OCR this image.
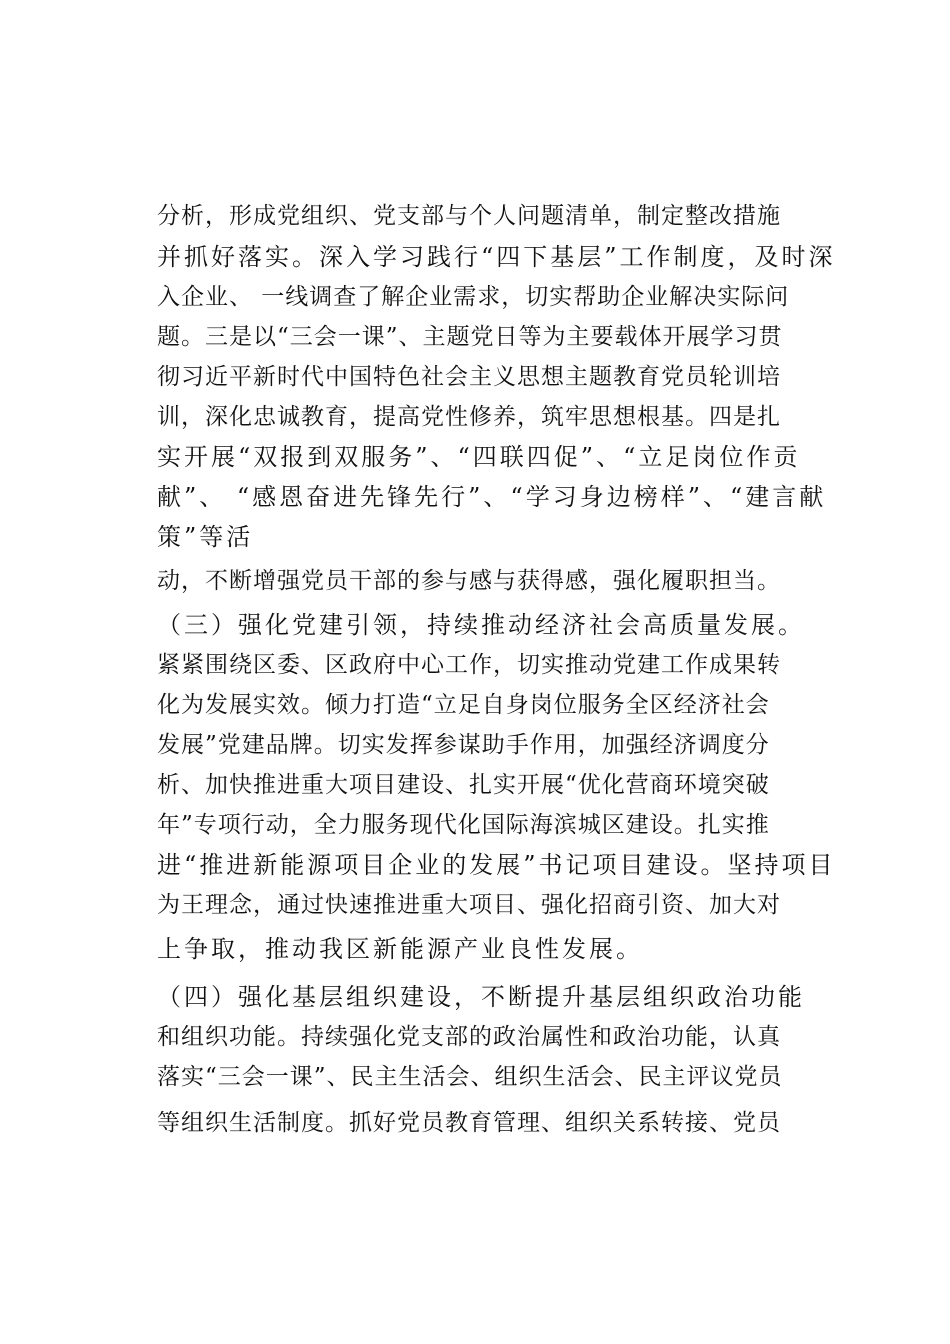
分析，形成党组织、党支部与个人问题清单，制定整改措施
并抓好落实。深入学习践行“四下基层”工作制度，及时深
入企业、 一线调查了解企业需求，切实帮助企业解决实际问
题。三是以“三会一课”、主题党日等为主要载体开展学习贯
彻习近平新时代中国特色社会主义思想主题教育党员轮训培
训，深化忠诚教育，提高党性修养，筑牢思想根基。四是扎
实开展“双报到双服务”、“四联四促”、“立足岗位作贡
献”、 “感恩奋进先锋先行”、“学习身边榜样”、“建言献
策”等活
动，不断增强党员干部的参与感与获得感，强化履职担当。
（三）强化党建引领，持续推动经济社会高质量发展。
紧紧围绕区委、区政府中心工作，切实推动党建工作成果转
化为发展实效。倾力打造“立足自身岗位服务全区经济社会
发展”党建品牌。切实发挥参谋助手作用，加强经济调度分
析、加快推进重大项目建设、扎实开展“优化营商环境突破
年”专项行动，全力服务现代化国际海滨城区建设。扎实推
进“推进新能源项目企业的发展”书记项目建设。坚持项目
为王理念，通过快速推进重大项目、强化招商引资、加大对
上争取，推动我区新能源产业良性发展。
（四）强化基层组织建设，不断提升基层组织政治功能
和组织功能。持续强化党支部的政治属性和政治功能，认真
落实“三会一课”、民主生活会、组织生活会、民主评议党员
等组织生活制度。抓好党员教育管理、组织关系转接、党员
